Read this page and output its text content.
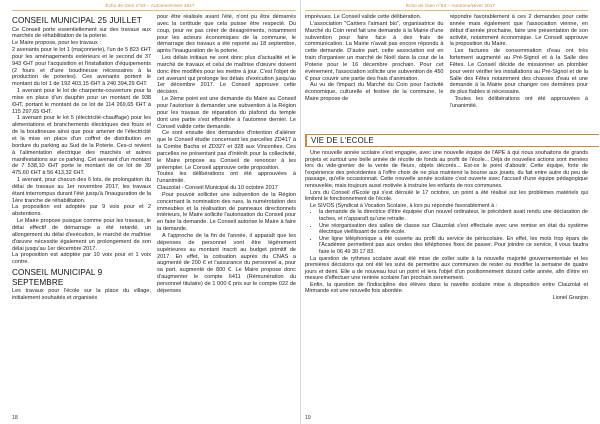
Écho de Gien n°83 – Automne/Hiver 2017
CONSEIL MUNICIPAL 25 JUILLET

Ce Conseil porte essentiellement sur des travaux aux marchés de réhabilitation de la poterie.

Le Maire propose, pour les travaux :

2 avenants pour le lot 1 (maçonnerie), l'un de 5 823 €HT pour les aménagements extérieurs et le second de 37 943 €HT pour l'acquisition et l'installation d'équipements (2 fours et d'une boudineuse nécessaires à la production de poteries). Ces avenants portent le montant du lot 1 de 192 403,15 €HT à 240 394,29 €HT.

1 avenant pour le lot de charpente-couverture pour la mise en place d'un dauphin pour un montant de 938 €HT, portant le montant de ce lot de 114 269,65 €HT à 115 297,65 €HT.

1 avenant pour le lot 5 (électricité-chauffage) pour les alimentations et branchements électriques des fours et de la boudineuse ainsi que pour amener de l'électricité et la mise en place d'un coffret de distribution en bordure du parking au Sud de la Poterie. Ces-ci revient à l'alimentation électrique des marchés et autres manifestations sur ce parking. Cet avenant d'un montant de 7 538,10 €HT porte le montant de ce lot de 39 475,60 €HT à 56 413,32 €HT.

1 avenant, pour chacun des 6 lots, de prolongation du délai de travaux au 1er novembre 2017, les travaux étant interrompus durant l'été jusqu'à l'inauguration de la 1ère tranche de réhabilitation.

La proposition est adoptée par 9 voix pour et 2 abstentions.

Le Maire propose puisque comme pour les travaux, le délai effectif de démarrage a été retardé, un allongement du délai d'exécution, le marché de maîtrise d'œuvre nécessite également un prolongement de son délai jusqu'au 1er décembre 2017.

La proposition est adoptée par 10 voix pour et 1 voix contre.

CONSEIL MUNICIPAL 9 SEPTEMBRE

Les travaux pour l'école sur la place du village, initialement souhaités et organisés

pour être réalisés avant l'été, n'ont pu être démarrés avec la certitude que cela puisse être respecté. Du coup, pour ne pas créer de désagréments, notamment pour les acteurs économiques de la commune, le démarrage des travaux a été reporté au 18 septembre, après l'inauguration de la poterie.

Les délais initiaux ne sont donc plus d'actualité et le marché de travaux et celui de maîtrise d'œuvre doivent donc être modifiés pour les mettre à jour. C'est l'objet de cet avenant qui prolonge les délais d'exécution jusqu'au 1er décembre 2017. Le Conseil approuve cette décision.

Le 2ème point est une demande du Maire au Conseil pour l'autoriser à demander une subvention à la Région pour les travaux de réparation du plafond du temple dont une partie s'est effondrée à l'automne dernier. Le Conseil valide cette demande.

Ce sont ensuite des demandes d'intention d'aliéner que le Conseil étudie concernant les parcelles ZD417 à la Combe Bacha et ZD327 et 328 aux Vincenties. Ces parcelles ne présentant pas d'intérêt pour la collectivité, le Maire propose au Conseil de renoncer à les préempter. Le Conseil approuve cette proposition.

Toutes les délibérations ont été approuvées à l'unanimité.

Clauzolat - Conseil Municipal du 10 octobre 2017

Pour pouvoir solliciter une subvention de la Région concernant la nomination des rues, la numérotation des immeubles et la réalisation de panneaux directionnels intérieurs, le Maire sollicite l'autorisation du Conseil pour en faire la demande. Le Conseil autorise le Maire à faire la demande.

A l'approche de la fin de l'année, il apparaît que les dépenses de personnel vont être légèrement supérieures au montant inscrit au budget primitif de 2017. En effet, la cotisation auprès du CNAS a augmenté de 200 € et l'assurance du personnel a, pour sa part, augmenté de 800 €. Le Maire propose donc d'augmenter le compte 6411 (Rémunération du personnel titulaire) de 1 000 € pris sur le compte 022 de dépenses

18
Écho de Gien n°83 – Automne/Hiver 2017

imprévues. Le Conseil valide cette délibération.

L'association "Cartiers l'aimant bio", organisatrice du Marché du Coin rend fait une demande à la Mairie d'une subvention pour faire face à des frais de communication. La Mairie n'avait pas encore répondu à cette demande. D'autre part, cette association est en train d'organiser un marché de Noël dans la cour de la Poterie pour le 16 décembre prochain. Pour cet événement, l'association sollicite une subvention de 450 € pour couvrir une partie des frais d'animation.

Au vu de l'impact du Marché du Coin pour l'activité économique, culturelle et festive de la commune, le Maire propose de

répondre favorablement à ces 2 demandes pour cette année mais également que l'association vienne, en début d'année prochaine, faire une présentation de son activité, notamment économique. Le Conseil approuve la proposition du Maire.

Les factures de consommation d'eau ont très fortement augmenté au Pré-Signol et à la Salle des Fêtes. Le Conseil décide de missionner un plombier pour venir vérifier les installations au Pré-Signol et de la Salle des Fêtes notamment des chasses d'eau et une demande à la Mairie pour changer ces dernières pour de plus fiables si nécessaire.

Toutes les délibérations ont été approuvées à l'unanimité.

VIE DE L'ECOLE

Une nouvelle année scolaire s'est engagée, avec une nouvelle équipe de l'APE à qui nous souhaitons de grands projets et surtout une belle année de récolte de fonds au profit de l'école... Déjà de nouvelles actions sont menées lors du vide-grenier de la vente de fleurs, objets décorés... Est-ce le point d'aboutir. Cette équipe, forte de l'expérience des précédentes à l'offre choix de ne plus maintenir la bourse aux jouets, du fait entre autre du peu de passage, qu'elle occasionnait. Cette nouvelle année scolaire c'est ouverte avec l'accueil d'une équipe pédagogique renouvelée, mais toujours aussi motivée à instruire les enfants de nos communes.

Lors du Conseil d'Ecole qui s'est déroulé le 17 octobre, un point a été réalisé sur les problèmes matériels qui limitent le fonctionnement de l'école.

Le SIVOS (Syndicat à Vocation Scolaire, à lors pu répondre favorablement à :

• la demande de la directrice d'être équipée d'un nouvel ordinateur, le précédent avait rendu une déclaration de taches, et n'apparaît qu'une retraite.
• Une réorganisation des salles de classe sur Clauzolat s'est effectuée avec une remise en état du système électrique vieillissant de cette école.
• Une ligne téléphonique a été ouverte au profil du service de périscolaire. En effet, les mots trop épars de l'Académie permettent pas aux ondes des téléphones fixes de passer. Pour joindre ce service, il vous faudra faire le 06 49 30 17 83.

La question de rythmes scolaire avait été mise de coller suite à la nouvelle majorité gouvernementale et les premières décisions qui ont été les suivi de permettre aux communes de rester ou modifier la semaine de quatre jours et demi. Elle a de nouveau tout un point et lera l'objet d'un positionnement durant cette année, afin d'étre en mesure d'effectuer une rentrée scolaire l'an prochain sereinement.

Enfin, la question de l'indiscipline des élèves dans la navette scolaire mise à disposition entre Clauzolat et Mirmande est une nouvelle fois abordée.

Lionel Granjon
19
